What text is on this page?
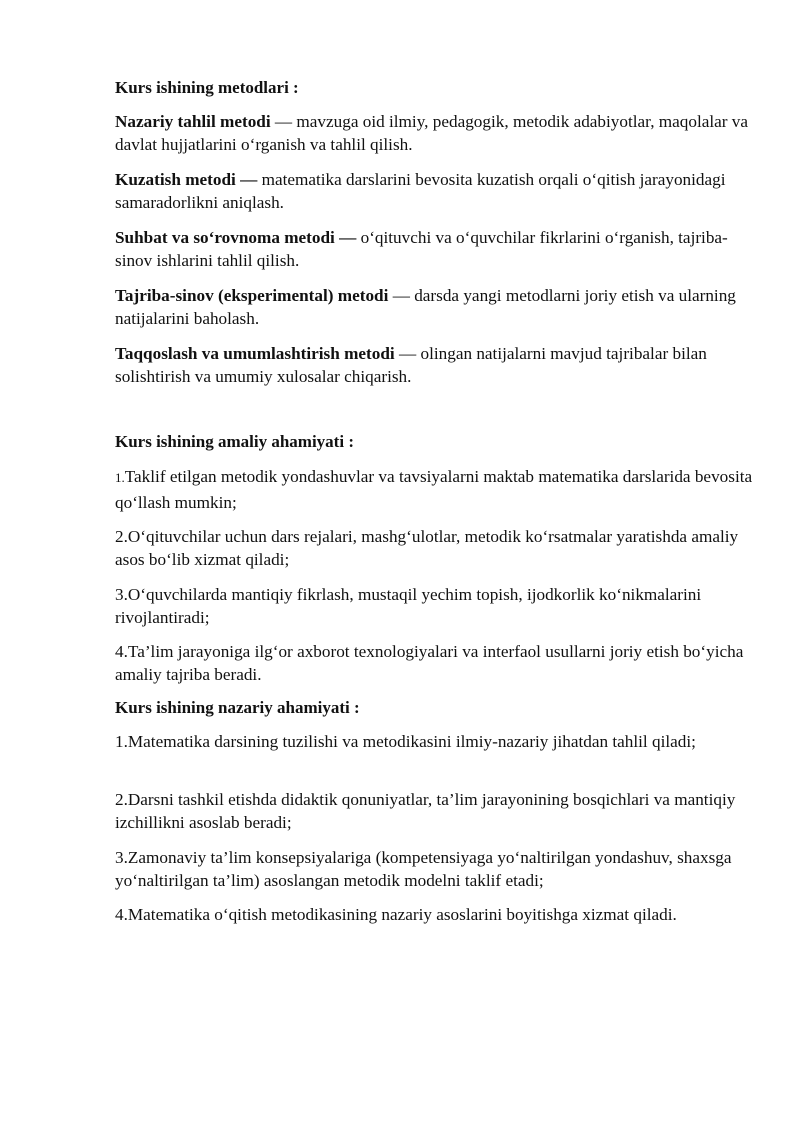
Kurs ishining metodlari :
Nazariy tahlil metodi — mavzuga oid ilmiy, pedagogik, metodik adabiyotlar, maqolalar va davlat hujjatlarini o‘rganish va tahlil qilish.
Kuzatish metodi — matematika darslarini bevosita kuzatish orqali o‘qitish jarayonidagi samaradorlikni aniqlash.
Suhbat va so‘rovnoma metodi — o‘qituvchi va o‘quvchilar fikrlarini o‘rganish, tajriba-sinov ishlarini tahlil qilish.
Tajriba-sinov (eksperimental) metodi — darsda yangi metodlarni joriy etish va ularning natijalarini baholash.
Taqqoslash va umumlashtirish metodi — olingan natijalarni mavjud tajribalar bilan solishtirish va umumiy xulosalar chiqarish.
Kurs ishining amaliy ahamiyati :
1.Taklif etilgan metodik yondashuvlar va tavsiyalarni maktab matematika darslarida bevosita qo‘llash mumkin;
2.O‘qituvchilar uchun dars rejalari, mashg‘ulotlar, metodik ko‘rsatmalar yaratishda amaliy asos bo‘lib xizmat qiladi;
3.O‘quvchilarda mantiqiy fikrlash, mustaqil yechim topish, ijodkorlik ko‘nikmalarini rivojlantiradi;
4.Ta’lim jarayoniga ilg‘or axborot texnologiyalari va interfaol usullarni joriy etish bo‘yicha amaliy tajriba beradi.
Kurs ishining nazariy ahamiyati :
1.Matematika darsining tuzilishi va metodikasini ilmiy-nazariy jihatdan tahlil qiladi;
2.Darsni tashkil etishda didaktik qonuniyatlar, ta’lim jarayonining bosqichlari va mantiqiy izchillikni asoslab beradi;
3.Zamonaviy ta’lim konsepsiyalariga (kompetensiyaga yo‘naltirilgan yondashuv, shaxsga yo‘naltirilgan ta’lim) asoslangan metodik modelni taklif etadi;
4.Matematika o‘qitish metodikasining nazariy asoslarini boyitishga xizmat qiladi.
